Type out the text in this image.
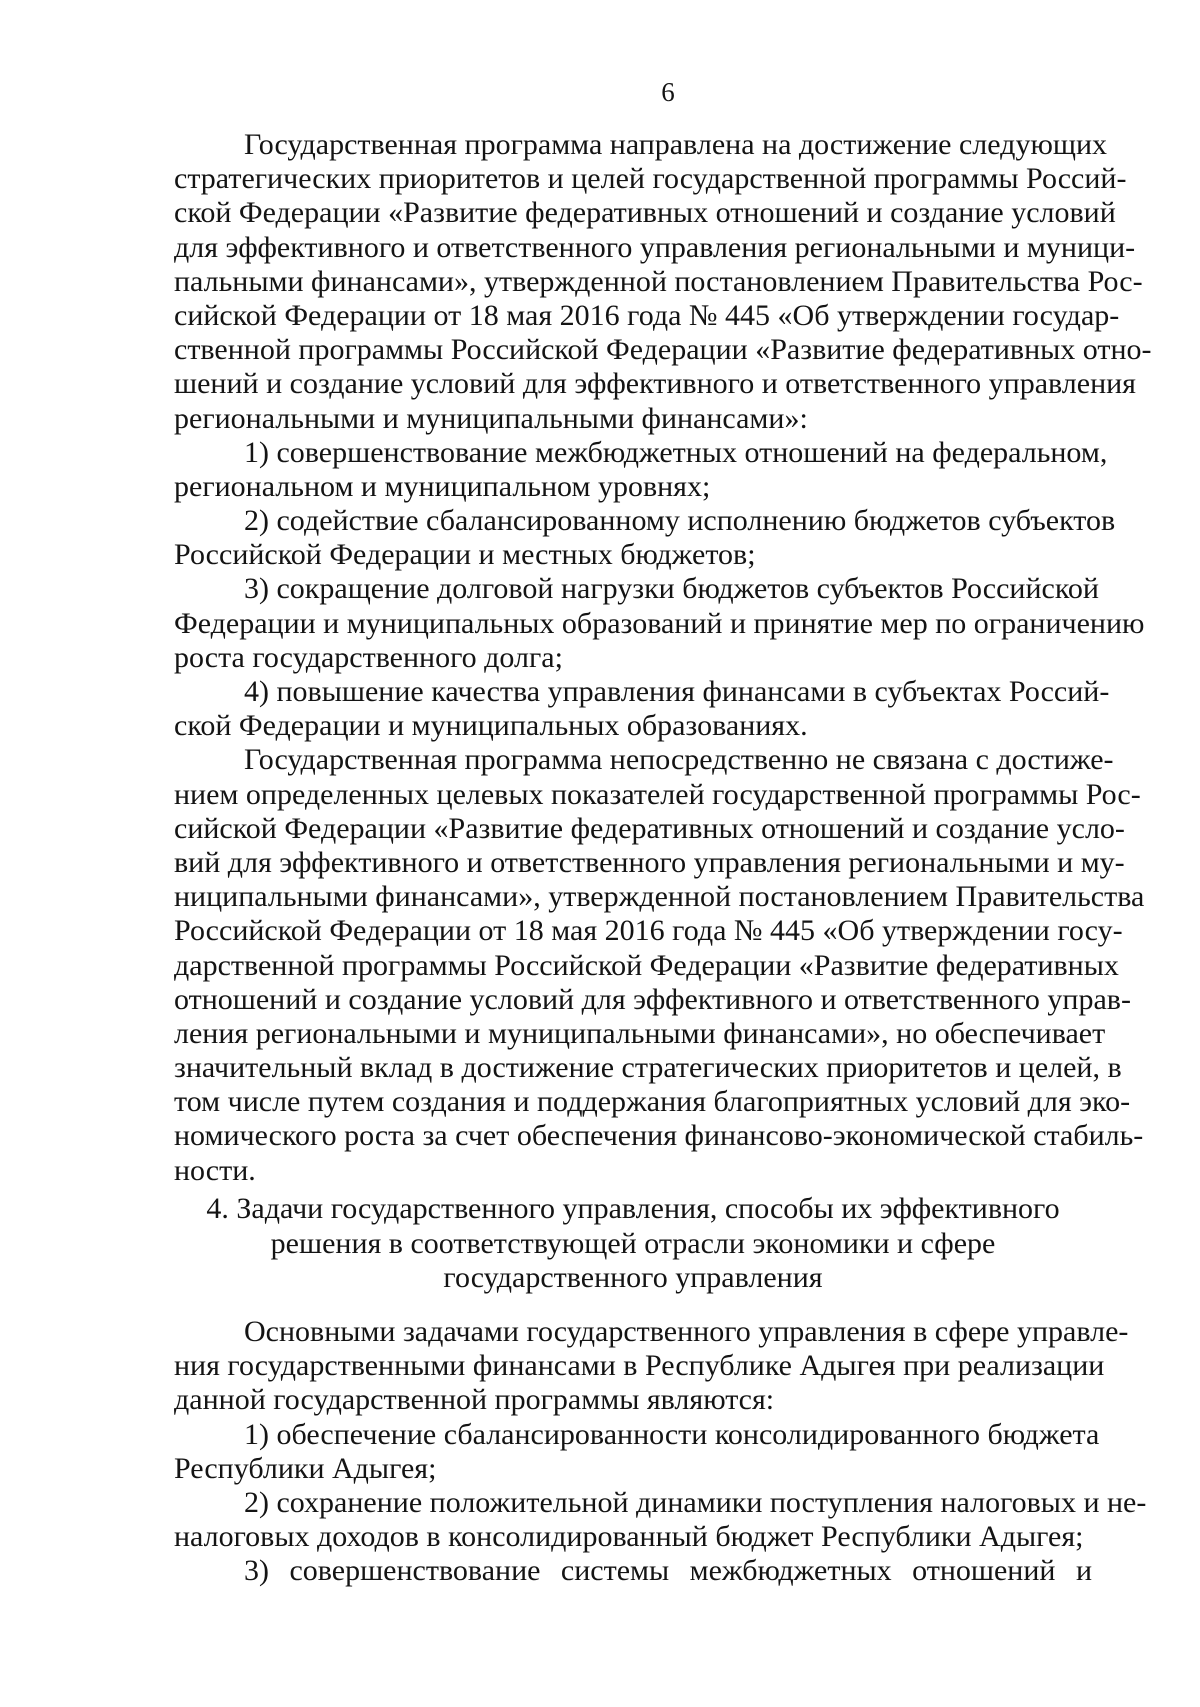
6
Государственная программа направлена на достижение следующих
стратегических приоритетов и целей государственной программы Россий-
ской Федерации «Развитие федеративных отношений и создание условий
для эффективного и ответственного управления региональными и муници-
пальными финансами», утвержденной постановлением Правительства Рос-
сийской Федерации от 18 мая 2016 года № 445 «Об утверждении государ-
ственной программы Российской Федерации «Развитие федеративных отно-
шений и создание условий для эффективного и ответственного управления
региональными и муниципальными финансами»:
1) совершенствование межбюджетных отношений на федеральном,
региональном и муниципальном уровнях;
2) содействие сбалансированному исполнению бюджетов субъектов
Российской Федерации и местных бюджетов;
3) сокращение долговой нагрузки бюджетов субъектов Российской
Федерации и муниципальных образований и принятие мер по ограничению
роста государственного долга;
4) повышение качества управления финансами в субъектах Россий-
ской Федерации и муниципальных образованиях.
Государственная программа непосредственно не связана с достиже-
нием определенных целевых показателей государственной программы Рос-
сийской Федерации «Развитие федеративных отношений и создание усло-
вий для эффективного и ответственного управления региональными и му-
ниципальными финансами», утвержденной постановлением Правительства
Российской Федерации от 18 мая 2016 года № 445 «Об утверждении госу-
дарственной программы Российской Федерации «Развитие федеративных
отношений и создание условий для эффективного и ответственного управ-
ления региональными и муниципальными финансами», но обеспечивает
значительный вклад в достижение стратегических приоритетов и целей, в
том числе путем создания и поддержания благоприятных условий для эко-
номического роста за счет обеспечения финансово-экономической стабиль-
ности.
4. Задачи государственного управления, способы их эффективного
решения в соответствующей отрасли экономики и сфере
государственного управления
Основными задачами государственного управления в сфере управле-
ния государственными финансами в Республике Адыгея при реализации
данной государственной программы являются:
1) обеспечение сбалансированности консолидированного бюджета
Республики Адыгея;
2) сохранение положительной динамики поступления налоговых и не-
налоговых доходов в консолидированный бюджет Республики Адыгея;
3) совершенствование системы межбюджетных отношений и
